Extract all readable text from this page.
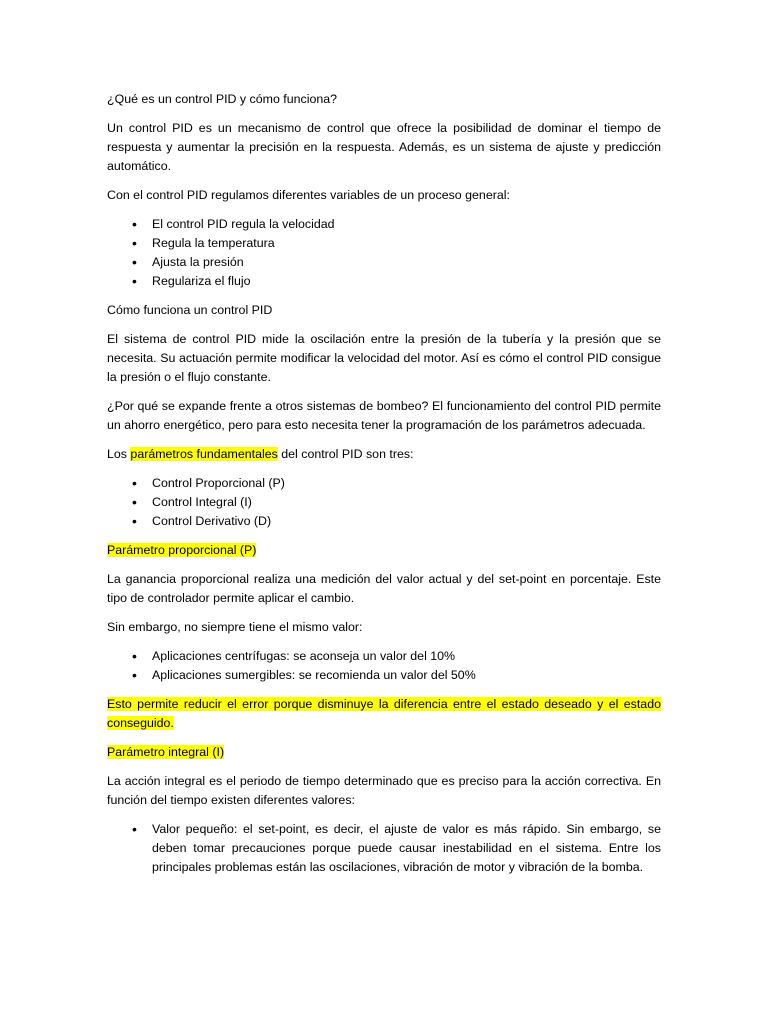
¿Qué es un control PID y cómo funciona?

Un control PID es un mecanismo de control que ofrece la posibilidad de dominar el tiempo de respuesta y aumentar la precisión en la respuesta. Además, es un sistema de ajuste y predicción automático.

Con el control PID regulamos diferentes variables de un proceso general:

• El control PID regula la velocidad
• Regula la temperatura
• Ajusta la presión
• Regulariza el flujo

Cómo funciona un control PID

El sistema de control PID mide la oscilación entre la presión de la tubería y la presión que se necesita. Su actuación permite modificar la velocidad del motor. Así es cómo el control PID consigue la presión o el flujo constante.

¿Por qué se expande frente a otros sistemas de bombeo? El funcionamiento del control PID permite un ahorro energético, pero para esto necesita tener la programación de los parámetros adecuada.

Los parámetros fundamentales del control PID son tres:

• Control Proporcional (P)
• Control Integral (I)
• Control Derivativo (D)

Parámetro proporcional (P)

La ganancia proporcional realiza una medición del valor actual y del set-point en porcentaje. Este tipo de controlador permite aplicar el cambio.

Sin embargo, no siempre tiene el mismo valor:

• Aplicaciones centrífugas: se aconseja un valor del 10%
• Aplicaciones sumergibles: se recomienda un valor del 50%

Esto permite reducir el error porque disminuye la diferencia entre el estado deseado y el estado conseguido.

Parámetro integral (I)

La acción integral es el periodo de tiempo determinado que es preciso para la acción correctiva. En función del tiempo existen diferentes valores:

• Valor pequeño: el set-point, es decir, el ajuste de valor es más rápido. Sin embargo, se deben tomar precauciones porque puede causar inestabilidad en el sistema. Entre los principales problemas están las oscilaciones, vibración de motor y vibración de la bomba.
